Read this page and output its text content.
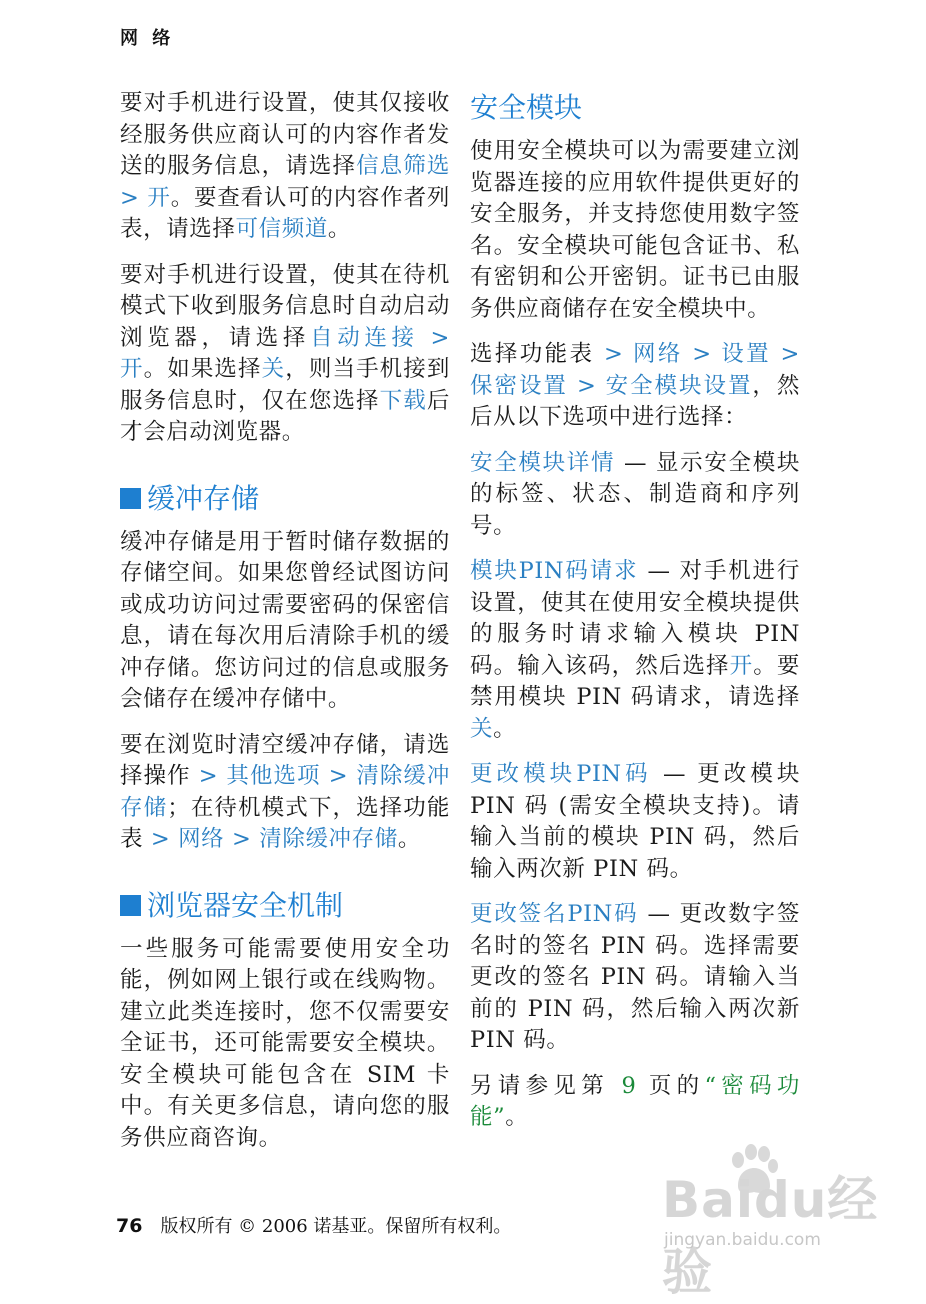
网 络

要对手机进行设置，使其仅接收经服务供应商认可的内容作者发送的服务信息，请选择信息筛选 > 开。要查看认可的内容作者列表，请选择可信频道。

要对手机进行设置，使其在待机模式下收到服务信息时自动启动浏览器，请选择自动连接 > 开。如果选择关，则当手机接到服务信息时，仅在您选择下载后才会启动浏览器。

缓冲存储

缓冲存储是用于暂时储存数据的存储空间。如果您曾经试图访问或成功访问过需要密码的保密信息，请在每次用后清除手机的缓冲存储。您访问过的信息或服务会储存在缓冲存储中。

要在浏览时清空缓冲存储，请选择操作 > 其他选项 > 清除缓冲存储；在待机模式下，选择功能表 > 网络 > 清除缓冲存储。

浏览器安全机制

一些服务可能需要使用安全功能，例如网上银行或在线购物。建立此类连接时，您不仅需要安全证书，还可能需要安全模块。安全模块可能包含在 SIM 卡中。有关更多信息，请向您的服务供应商咨询。

安全模块

使用安全模块可以为需要建立浏览器连接的应用软件提供更好的安全服务，并支持您使用数字签名。安全模块可能包含证书、私有密钥和公开密钥。证书已由服务供应商储存在安全模块中。

选择功能表 > 网络 > 设置 > 保密设置 > 安全模块设置，然后从以下选项中进行选择：

安全模块详情 — 显示安全模块的标签、状态、制造商和序列号。

模块PIN码请求 — 对手机进行设置，使其在使用安全模块提供的服务时请求输入模块 PIN 码。输入该码，然后选择开。要禁用模块 PIN 码请求，请选择关。

更改模块PIN码 — 更改模块 PIN 码 (需安全模块支持)。请输入当前的模块 PIN 码，然后输入两次新 PIN 码。

更改签名PIN码 — 更改数字签名时的签名 PIN 码。选择需要更改的签名 PIN 码。请输入当前的 PIN 码，然后输入两次新 PIN 码。

另请参见第 9 页的“密码功能”。

76 版权所有 © 2006 诺基亚。保留所有权利。	Baidu经验
jingyan.baidu.com
